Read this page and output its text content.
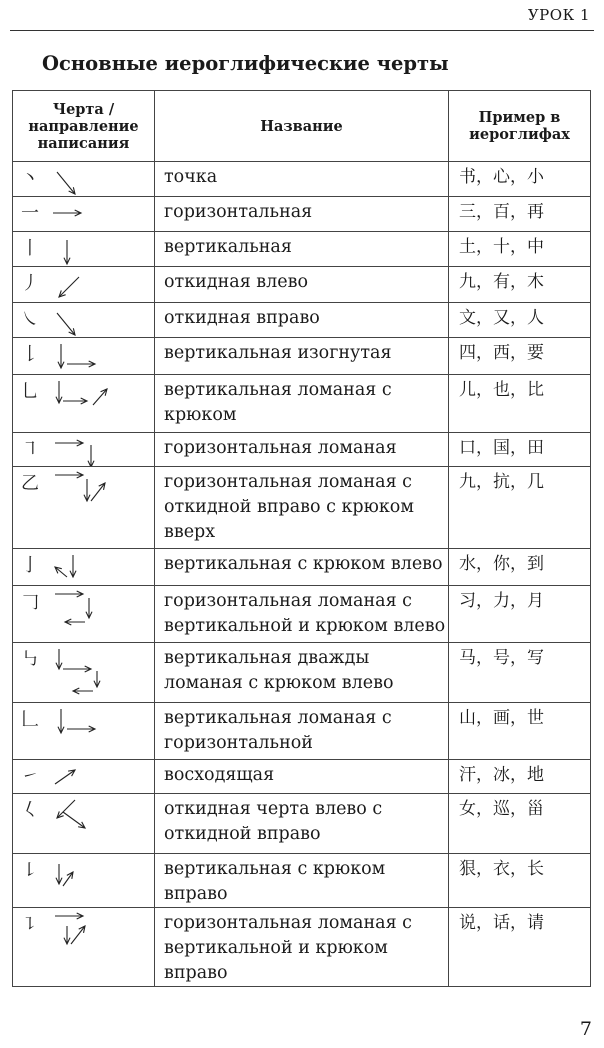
УРОК 1
Основные иероглифические черты
Черта / направление написания	Название	Пример в иероглифах

丶	точка	书，心，小

一	горизонтальная	三，百，再

丨	вертикальная	土，十，中

丿	откидная влево	九，有，木

㇏	откидная вправо	文，又，人

𠄌	вертикальная изогнутая	四，西，要

乚	вертикальная ломаная с крюком	儿，也，比

㇕	горизонтальная ломаная	口，国，田

乙	горизонтальная ломаная с откидной вправо с крюком вверх	九，抗，几

亅	вертикальная с крюком влево	水，你，到

𠃌	горизонтальная ломаная с вертикальной и крюком влево	习，力，月

㇉	вертикальная дважды ломаная с крюком влево	马，号，写

𠃊	вертикальная ломаная с горизонтальной	山，画，世

㇀	восходящая	汗，冰，地

𡿨	откидная черта влево с откидной вправо	女，巡，甾

㇙	вертикальная с крюком вправо	狠，衣，长

㇊	горизонтальная ломаная с вертикальной и крюком вправо	说，话，请
7
